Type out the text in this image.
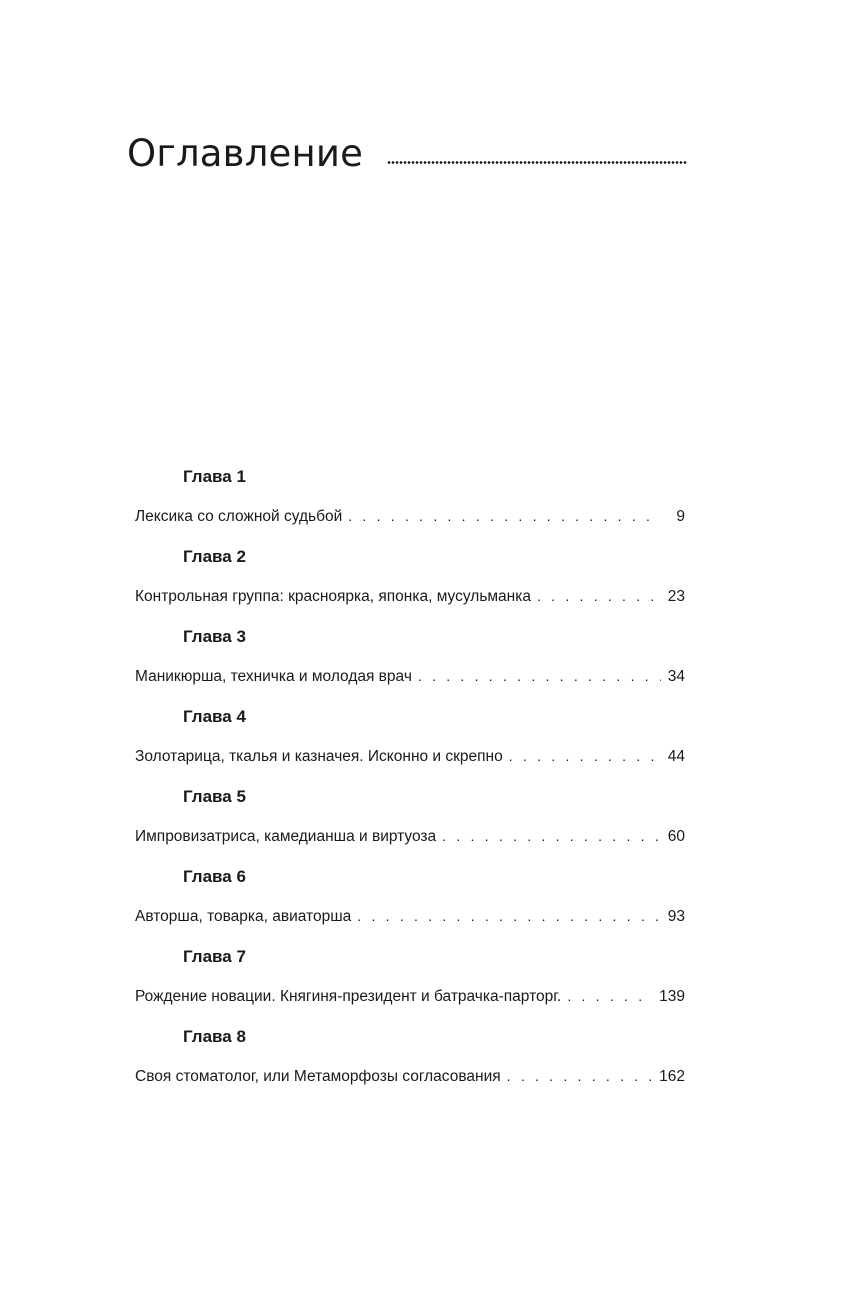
Оглавление
Глава 1
Лексика со сложной судьбой . . .	9
Глава 2
Контрольная группа: красноярка, японка, мусульманка . . .	23
Глава 3
Маникюрша, техничка и молодая врач . . .	34
Глава 4
Золотарица, ткалья и казначея. Исконно и скрепно . . .	44
Глава 5
Импровизатриса, камедианша и виртуоза . . .	60
Глава 6
Авторша, товарка, авиаторша . . .	93
Глава 7
Рождение новации. Княгиня-президент и батрачка-парторг. . . .	139
Глава 8
Своя стоматолог, или Метаморфозы согласования . . .	162
